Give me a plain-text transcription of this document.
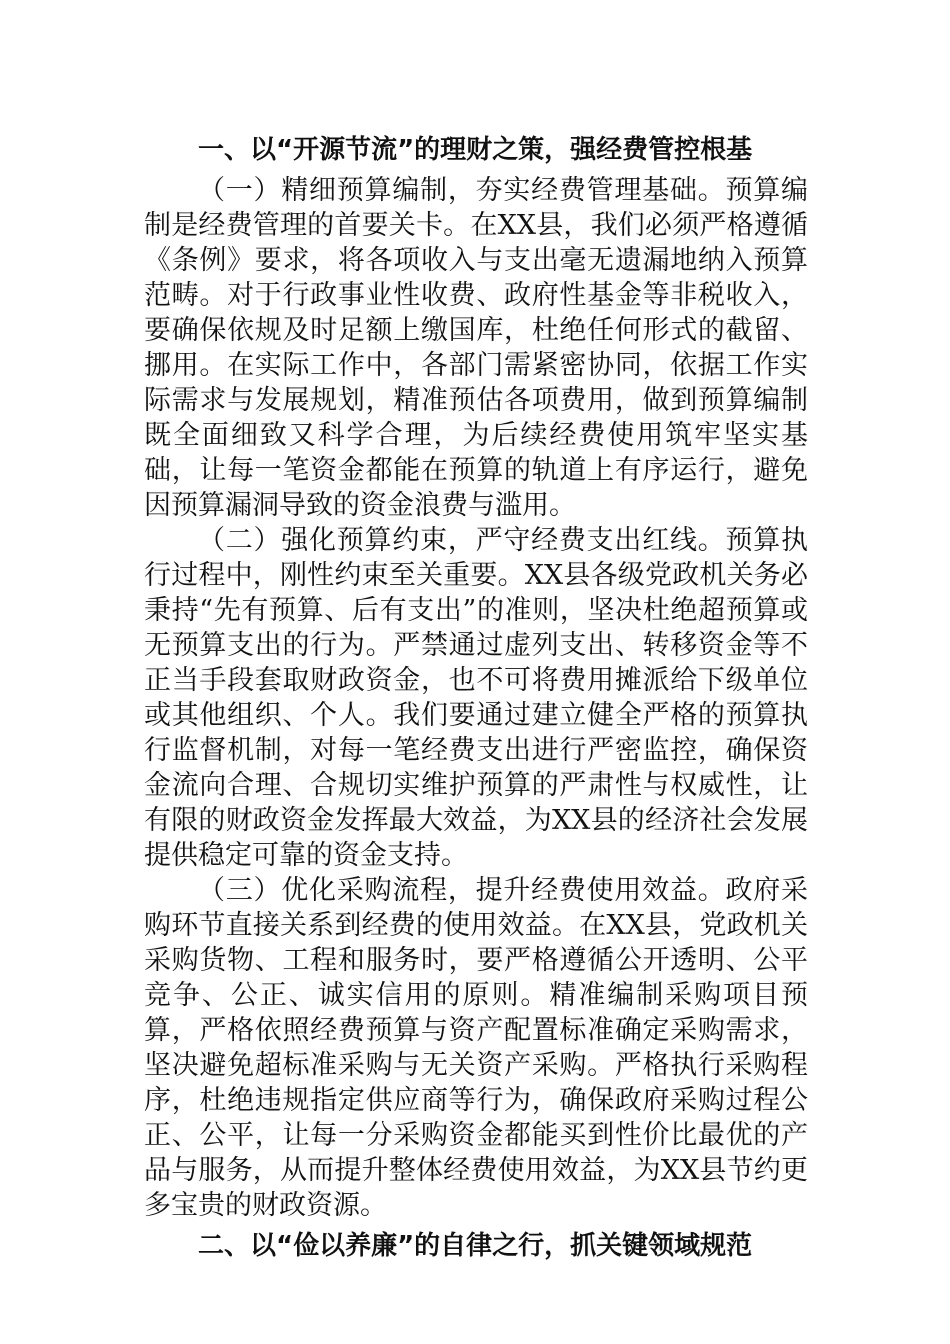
一、以“开源节流”的理财之策，强经费管控根基

（一）精细预算编制，夯实经费管理基础。预算编制是经费管理的首要关卡。在XX县，我们必须严格遵循《条例》要求，将各项收入与支出毫无遗漏地纳入预算范畴。对于行政事业性收费、政府性基金等非税收入，要确保依规及时足额上缴国库，杜绝任何形式的截留、挪用。在实际工作中，各部门需紧密协同，依据工作实际需求与发展规划，精准预估各项费用，做到预算编制既全面细致又科学合理，为后续经费使用筑牢坚实基础，让每一笔资金都能在预算的轨道上有序运行，避免因预算漏洞导致的资金浪费与滥用。

（二）强化预算约束，严守经费支出红线。预算执行过程中，刚性约束至关重要。XX县各级党政机关务必秉持“先有预算、后有支出”的准则，坚决杜绝超预算或无预算支出的行为。严禁通过虚列支出、转移资金等不正当手段套取财政资金，也不可将费用摊派给下级单位或其他组织、个人。我们要通过建立健全严格的预算执行监督机制，对每一笔经费支出进行严密监控，确保资金流向合理、合规切实维护预算的严肃性与权威性，让有限的财政资金发挥最大效益，为XX县的经济社会发展提供稳定可靠的资金支持。

（三）优化采购流程，提升经费使用效益。政府采购环节直接关系到经费的使用效益。在XX县，党政机关采购货物、工程和服务时，要严格遵循公开透明、公平竞争、公正、诚实信用的原则。精准编制采购项目预算，严格依照经费预算与资产配置标准确定采购需求，坚决避免超标准采购与无关资产采购。严格执行采购程序，杜绝违规指定供应商等行为，确保政府采购过程公正、公平，让每一分采购资金都能买到性价比最优的产品与服务，从而提升整体经费使用效益，为XX县节约更多宝贵的财政资源。

二、以“俭以养廉”的自律之行，抓关键领域规范
